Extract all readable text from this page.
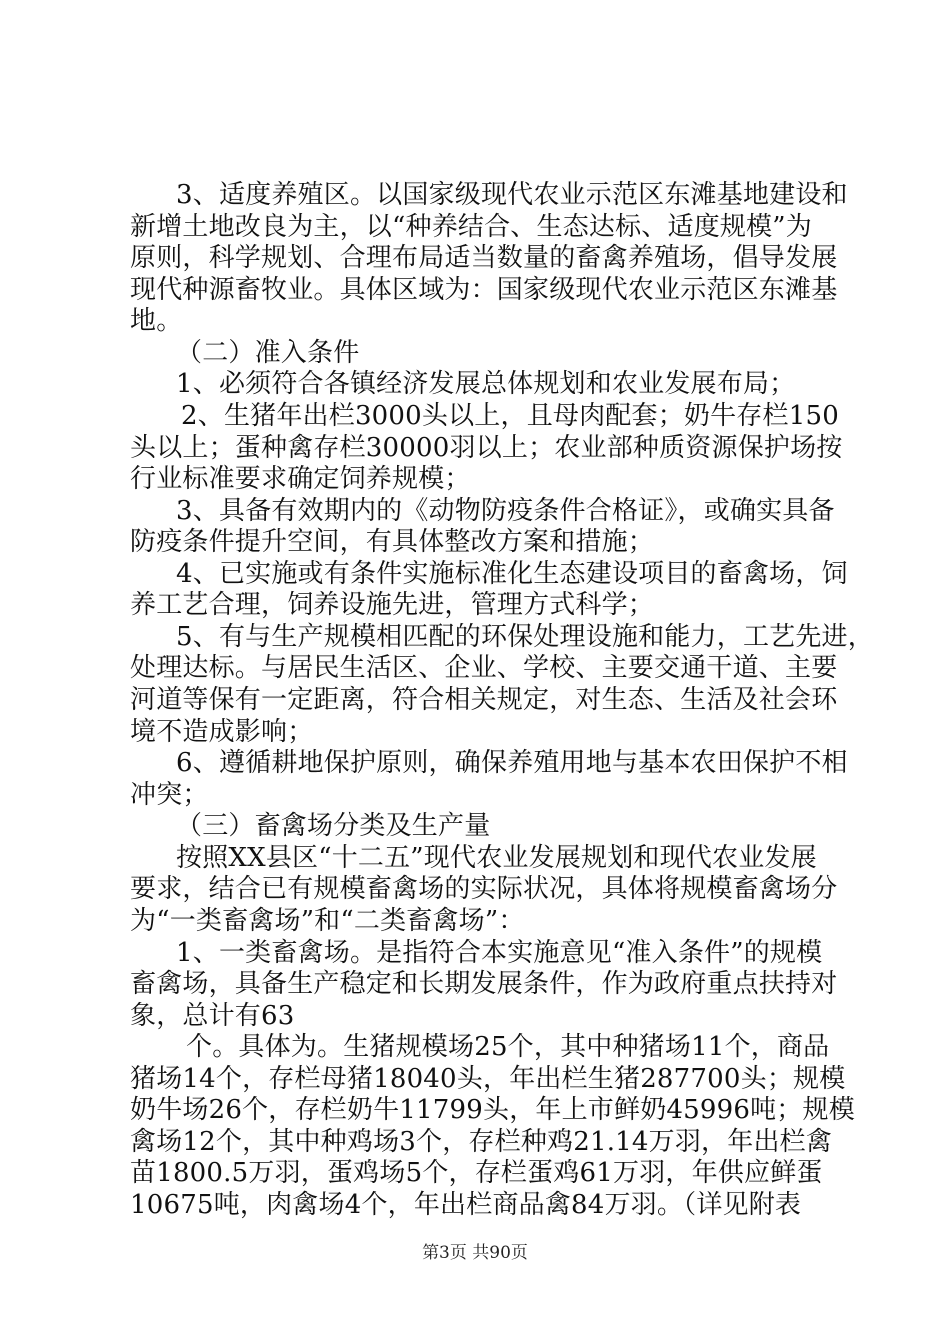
3、适度养殖区。以国家级现代农业示范区东滩基地建设和
新增土地改良为主，以“种养结合、生态达标、适度规模”为
原则，科学规划、合理布局适当数量的畜禽养殖场，倡导发展
现代种源畜牧业。具体区域为：国家级现代农业示范区东滩基
地。
（二）准入条件
1、必须符合各镇经济发展总体规划和农业发展布局；
2、生猪年出栏3000头以上，且母肉配套；奶牛存栏150
头以上；蛋种禽存栏30000羽以上；农业部种质资源保护场按
行业标准要求确定饲养规模；
3、具备有效期内的《动物防疫条件合格证》，或确实具备
防疫条件提升空间，有具体整改方案和措施；
4、已实施或有条件实施标准化生态建设项目的畜禽场，饲
养工艺合理，饲养设施先进，管理方式科学；
5、有与生产规模相匹配的环保处理设施和能力，工艺先进，
处理达标。与居民生活区、企业、学校、主要交通干道、主要
河道等保有一定距离，符合相关规定，对生态、生活及社会环
境不造成影响；
6、遵循耕地保护原则，确保养殖用地与基本农田保护不相
冲突；
（三）畜禽场分类及生产量
按照XX县区“十二五”现代农业发展规划和现代农业发展
要求，结合已有规模畜禽场的实际状况，具体将规模畜禽场分
为“一类畜禽场”和“二类畜禽场”：
1、一类畜禽场。是指符合本实施意见“准入条件”的规模
畜禽场，具备生产稳定和长期发展条件，作为政府重点扶持对
象，总计有63
个。具体为。生猪规模场25个，其中种猪场11个，商品
猪场14个，存栏母猪18040头，年出栏生猪287700头；规模
奶牛场26个，存栏奶牛11799头，年上市鲜奶45996吨；规模
禽场12个，其中种鸡场3个，存栏种鸡21.14万羽，年出栏禽
苗1800.5万羽，蛋鸡场5个，存栏蛋鸡61万羽，年供应鲜蛋
10675吨，肉禽场4个，年出栏商品禽84万羽。（详见附表
第3页 共90页
